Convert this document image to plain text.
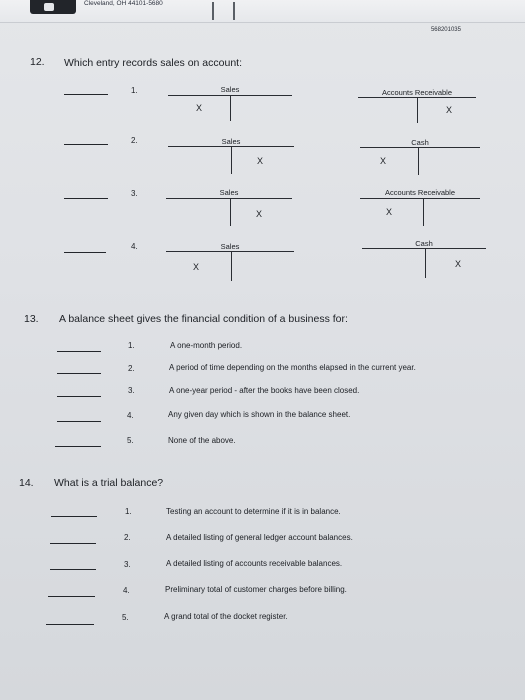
Cleveland, OH 44101-5680
568201035
12. Which entry records sales on account:
1.	Sales
X
Accounts Receivable
X
2.	Sales
X
Cash
X
3.	Sales
X
Accounts Receivable
X
4.	Sales
X
Cash
X
13. A balance sheet gives the financial condition of a business for:
1.	A one-month period.
2.	A period of time depending on the months elapsed in the current year.
3.	A one-year period - after the books have been closed.
4.	Any given day which is shown in the balance sheet.
5.	None of the above.
14. What is a trial balance?
1.	Testing an account to determine if it is in balance.
2.	A detailed listing of general ledger account balances.
3.	A detailed listing of accounts receivable balances.
4.	Preliminary total of customer charges before billing.
5.	A grand total of the docket register.
